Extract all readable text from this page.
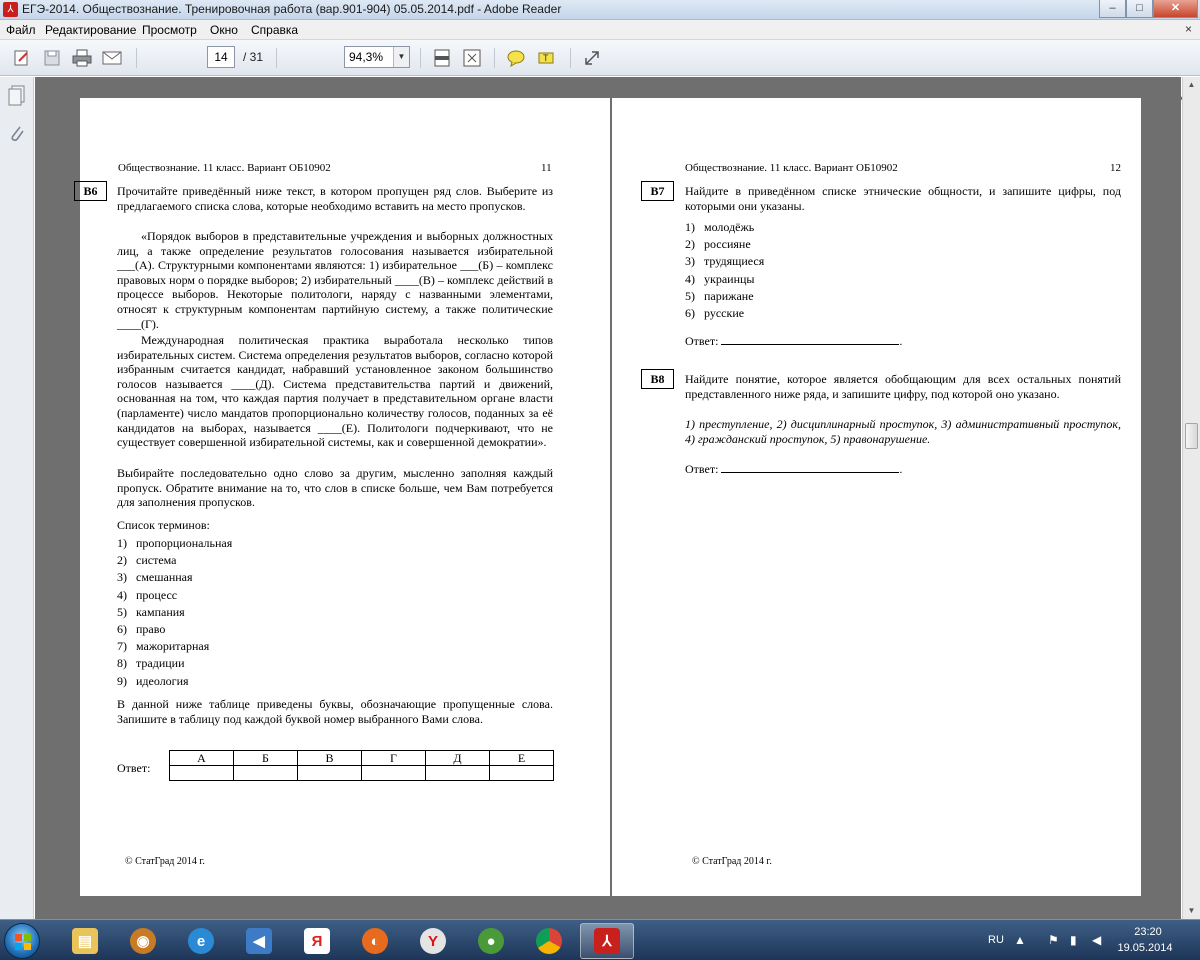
⅄ ЕГЭ-2014. Обществознание. Тренировочная работа (вар.901-904) 05.05.2014.pdf - Adobe Reader	–	□	✕
Файл Редактирование Просмотр Окно Справка	×
T
14	/ 31	94,3%	▼
Обществознание. 11 класс. Вариант ОБ10902	11
В6	Прочитайте приведённый ниже текст, в котором пропущен ряд слов. Выберите из предлагаемого списка слова, которые необходимо вставить на место пропусков.
«Порядок выборов в представительные учреждения и выборных должностных лиц, а также определение результатов голосования называется избирательной ___(А). Структурными компонентами являются: 1) избирательное ___(Б) – комплекс правовых норм о порядке выборов; 2) избирательный ____(В) – комплекс действий в процессе выборов. Некоторые политологи, наряду с названными элементами, относят к структурным компонентам партийную систему, а также политические ____(Г).
Международная политическая практика выработала несколько типов избирательных систем. Система определения результатов выборов, согласно которой избранным считается кандидат, набравший установленное законом большинство голосов называется ____(Д). Система представительства партий и движений, основанная на том, что каждая партия получает в представительном органе власти (парламенте) число мандатов пропорционально количеству голосов, поданных за её кандидатов на выборах, называется ____(Е). Политологи подчеркивают, что не существует совершенной избирательной системы, как и совершенной демократии».
Выбирайте последовательно одно слово за другим, мысленно заполняя каждый пропуск. Обратите внимание на то, что слов в списке больше, чем Вам потребуется для заполнения пропусков.
Список терминов:
1) пропорциональная
2) система
3) смешанная
4) процесс
5) кампания
6) право
7) мажоритарная
8) традиции
9) идеология
В данной ниже таблице приведены буквы, обозначающие пропущенные слова. Запишите в таблицу под каждой буквой номер выбранного Вами слова.
Ответ:
А	Б	В	Г	Д	Е

© СтатГрад 2014 г.
Обществознание. 11 класс. Вариант ОБ10902	12
В7	Найдите в приведённом списке этнические общности, и запишите цифры, под которыми они указаны.
1) молодёжь
2) россияне
3) трудящиеся
4) украинцы
5) парижане
6) русские
Ответ:	.
В8	Найдите понятие, которое является обобщающим для всех остальных понятий представленного ниже ряда, и запишите цифру, под которой оно указано.
1) преступление, 2) дисциплинарный проступок, 3) административный проступок, 4) гражданский проступок, 5) правонарушение.
Ответ:	.
© СтатГрад 2014 г.
▲
▼
▤	◉	e	◀	Я	◐	Y	●	⅄	RU ▲ ⚑ ▮ ◀
23:20
19.05.2014
